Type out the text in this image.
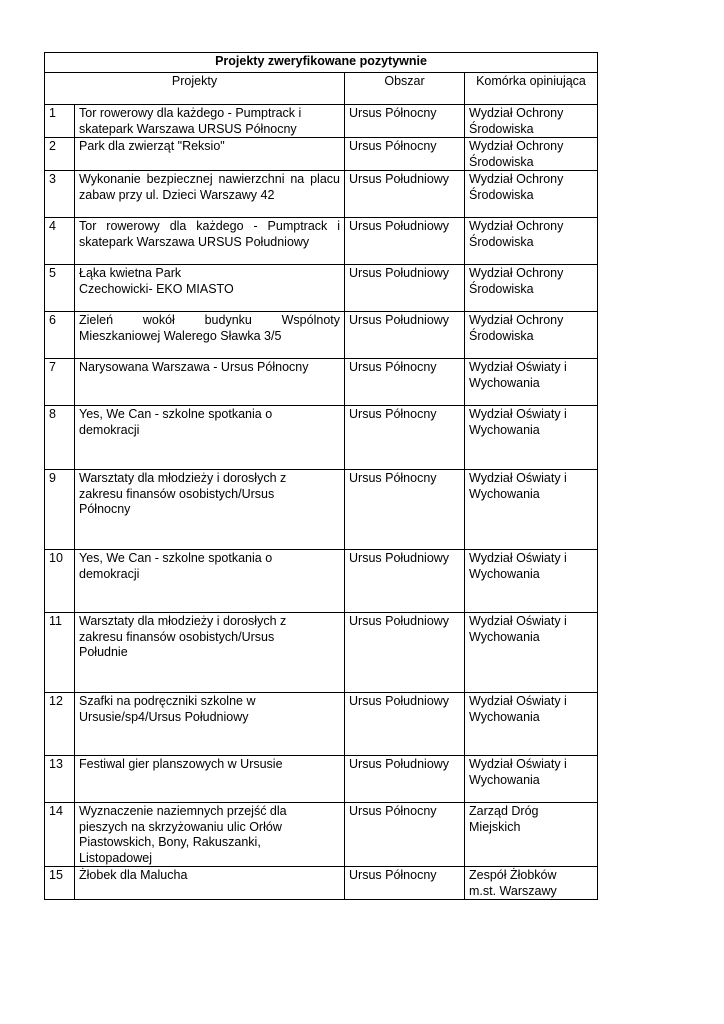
Projekty zweryfikowane pozytywnie			
Projekty		Obszar	Komórka opiniująca
1	Tor rowerowy dla każdego - Pumptrack i skatepark Warszawa URSUS Północny	Ursus Północny	Wydział Ochrony Środowiska
2	Park dla zwierząt "Reksio"	Ursus Północny	Wydział Ochrony Środowiska
3	Wykonanie bezpiecznej nawierzchni na placu zabaw przy ul. Dzieci Warszawy 42	Ursus Południowy	Wydział Ochrony Środowiska
4	Tor rowerowy dla każdego - Pumptrack i skatepark Warszawa URSUS Południowy	Ursus Południowy	Wydział Ochrony Środowiska
5	Łąka kwietna Park Czechowicki- EKO MIASTO	Ursus Południowy	Wydział Ochrony Środowiska
6	Zieleń wokół budynku Wspólnoty Mieszkaniowej Walerego Sławka 3/5	Ursus Południowy	Wydział Ochrony Środowiska
7	Narysowana Warszawa - Ursus Północny	Ursus Północny	Wydział Oświaty i Wychowania
8	Yes, We Can - szkolne spotkania o demokracji	Ursus Północny	Wydział Oświaty i Wychowania
9	Warsztaty dla młodzieży i dorosłych z zakresu finansów osobistych/Ursus Północny	Ursus Północny	Wydział Oświaty i Wychowania
10	Yes, We Can - szkolne spotkania o demokracji	Ursus Południowy	Wydział Oświaty i Wychowania
11	Warsztaty dla młodzieży i dorosłych z zakresu finansów osobistych/Ursus Południe	Ursus Południowy	Wydział Oświaty i Wychowania
12	Szafki na podręczniki szkolne w Ursusie/sp4/Ursus Południowy	Ursus Południowy	Wydział Oświaty i Wychowania
13	Festiwal gier planszowych w Ursusie	Ursus Południowy	Wydział Oświaty i Wychowania
14	Wyznaczenie naziemnych przejść dla pieszych na skrzyżowaniu ulic Orłów Piastowskich, Bony, Rakuszanki, Listopadowej	Ursus Północny	Zarząd Dróg Miejskich
15	Żłobek dla Malucha	Ursus Północny	Zespół Żłobków m.st. Warszawy
